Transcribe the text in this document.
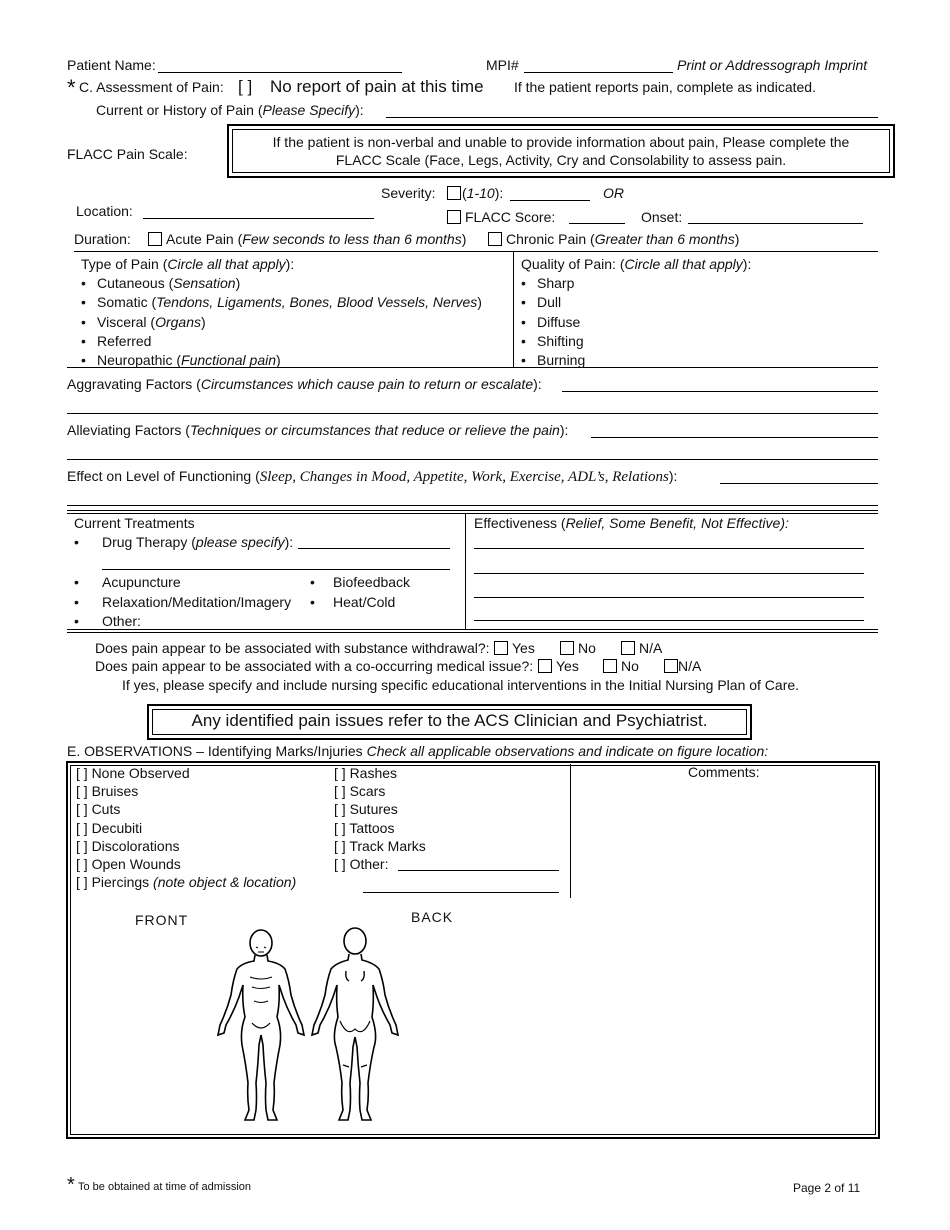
Patient Name:	MPI#	Print or Addressograph Imprint
* C. Assessment of Pain: [ ] No report of pain at this time If the patient reports pain, complete as indicated.
Current or History of Pain (Please Specify):
FLACC Pain Scale:
If the patient is non-verbal and unable to provide information about pain, Please complete the
FLACC Scale (Face, Legs, Activity, Cry and Consolability to assess pain.
Severity:	(1-10):	OR
Location:	FLACC Score:	Onset:
Duration:	Acute Pain (Few seconds to less than 6 months)	Chronic Pain (Greater than 6 months)
Type of Pain (Circle all that apply):
• Cutaneous (Sensation)
• Somatic (Tendons, Ligaments, Bones, Blood Vessels, Nerves)
• Visceral (Organs)
• Referred
• Neuropathic (Functional pain)
Quality of Pain: (Circle all that apply):
• Sharp
• Dull
• Diffuse
• Shifting
• Burning
Aggravating Factors (Circumstances which cause pain to return or escalate):
Alleviating Factors (Techniques or circumstances that reduce or relieve the pain):
Effect on Level of Functioning (Sleep, Changes in Mood, Appetite, Work, Exercise, ADL’s, Relations):
Current Treatments
• Drug Therapy (please specify):
• Acupuncture	• Biofeedback
• Relaxation/Meditation/Imagery • Heat/Cold
• Other:
Effectiveness (Relief, Some Benefit, Not Effective):
Does pain appear to be associated with substance withdrawal?:	Yes	No	N/A
Does pain appear to be associated with a co-occurring medical issue?:	Yes	No	N/A
If yes, please specify and include nursing specific educational interventions in the Initial Nursing Plan of Care.
Any identified pain issues refer to the ACS Clinician and Psychiatrist.
E. OBSERVATIONS – Identifying Marks/Injuries Check all applicable observations and indicate on figure location:
[ ] None Observed
[ ] Bruises
[ ] Cuts
[ ] Decubiti
[ ] Discolorations
[ ] Open Wounds
[ ] Piercings (note object & location)
[ ] Rashes
[ ] Scars
[ ] Sutures
[ ] Tattoos
[ ] Track Marks
[ ] Other:
Comments:
FRONT	BACK
* To be obtained at time of admission	Page 2 of 11
